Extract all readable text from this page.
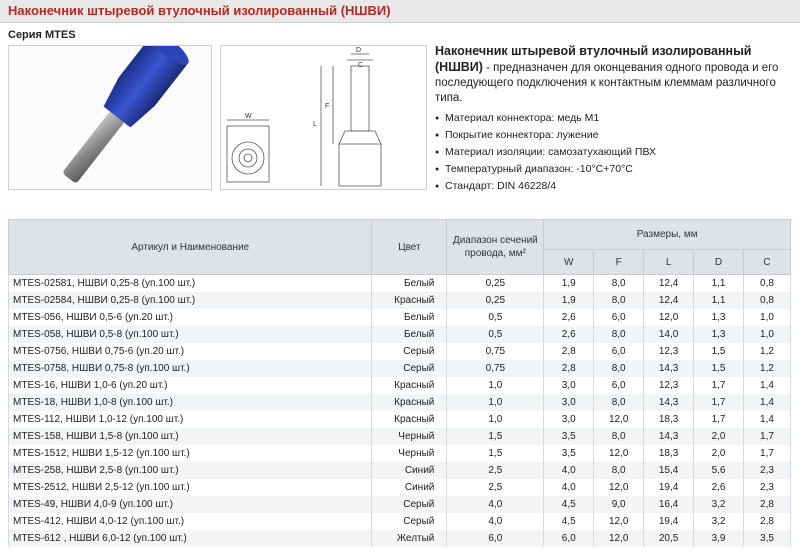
Наконечник штыревой втулочный изолированный (НШВИ)
Серия MTES
D
C
F
L
W
Наконечник штыревой втулочный изолированный (НШВИ) - предназначен для оконцевания одного провода и его последующего подключения к контактным клеммам различного типа.
● Материал коннектора: медь М1
● Покрытие коннектора: лужение
● Материал изоляции: самозатухающий ПВХ
● Температурный диапазон: -10°С+70°С
● Стандарт: DIN 46228/4
Артикул и Наименование	Цвет	Диапазон сечений провода, мм²	Размеры, мм				
			W	F	L	D	C
MTES-02581, НШВИ 0,25-8 (уп.100 шт.)	Белый	0,25	1,9	8,0	12,4	1,1	0,8
MTES-02584, НШВИ 0,25-8 (уп.100 шт.)	Красный	0,25	1,9	8,0	12,4	1,1	0,8
MTES-056, НШВИ 0,5-6 (уп.20 шт.)	Белый	0,5	2,6	6,0	12,0	1,3	1,0
MTES-058, НШВИ 0,5-8 (уп.100 шт.)	Белый	0,5	2,6	8,0	14,0	1,3	1,0
MTES-0756, НШВИ 0,75-6 (уп.20 шт.)	Серый	0,75	2,8	6,0	12,3	1,5	1,2
MTES-0758, НШВИ 0,75-8 (уп.100 шт.)	Серый	0,75	2,8	8,0	14,3	1,5	1,2
MTES-16, НШВИ 1,0-6 (уп.20 шт.)	Красный	1,0	3,0	6,0	12,3	1,7	1,4
MTES-18, НШВИ 1,0-8 (уп.100 шт.)	Красный	1,0	3,0	8,0	14,3	1,7	1,4
MTES-112, НШВИ 1,0-12 (уп.100 шт.)	Красный	1,0	3,0	12,0	18,3	1,7	1,4
MTES-158, НШВИ 1,5-8 (уп.100 шт.)	Черный	1,5	3,5	8,0	14,3	2,0	1,7
MTES-1512, НШВИ 1,5-12 (уп.100 шт.)	Черный	1,5	3,5	12,0	18,3	2,0	1,7
MTES-258, НШВИ 2,5-8 (уп.100 шт.)	Синий	2,5	4,0	8,0	15,4	5,6	2,3
MTES-2512, НШВИ 2,5-12 (уп.100 шт.)	Синий	2,5	4,0	12,0	19,4	2,6	2,3
MTES-49, НШВИ 4,0-9 (уп.100 шт.)	Серый	4,0	4,5	9,0	16,4	3,2	2,8
MTES-412, НШВИ 4,0-12 (уп.100 шт.)	Серый	4,0	4,5	12,0	19,4	3,2	2,8
MTES-612 , НШВИ 6,0-12 (уп.100 шт.)	Желтый	6,0	6,0	12,0	20,5	3,9	3,5
